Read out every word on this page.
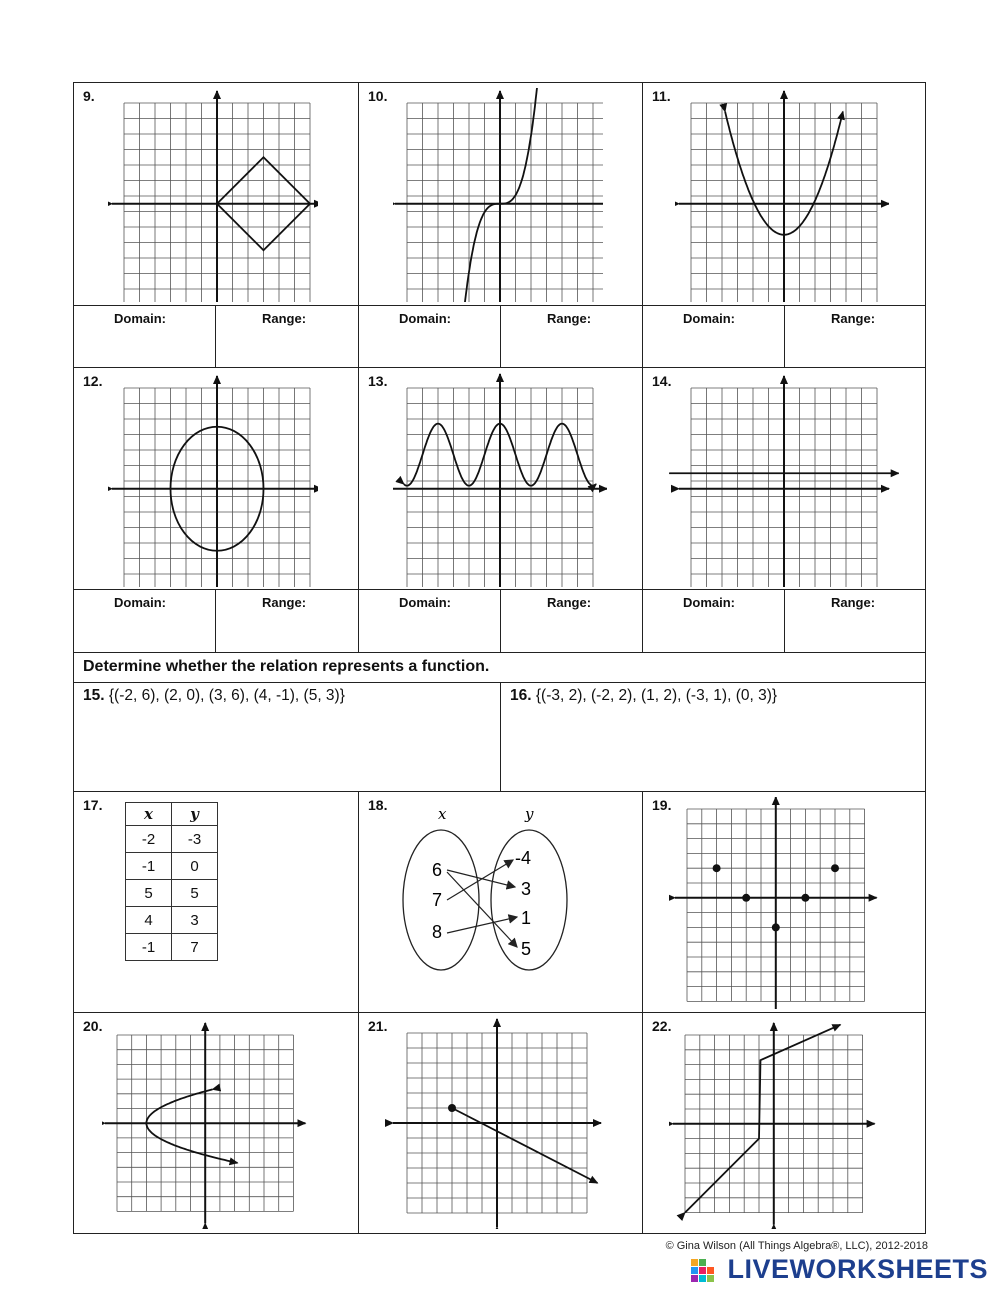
9.	10.	11.
Domain:	Range:	Domain:	Range:	Domain:	Range:
12.	13.	14.
Domain:	Range:	Domain:	Range:	Domain:	Range:
Determine whether the relation represents a function.
15. {(-2, 6), (2, 0), (3, 6), (4, -1), (5, 3)}	16. {(-3, 2), (-2, 2), (1, 2), (-3, 1), (0, 3)}
17.	x	y
-2	-3
-1	0
5	5
4	3
-1	7
18.	x	y
6
7
8
-4
3
1
5
19.
20.	21.	22.
© Gina Wilson (All Things Algebra®, LLC), 2012-2018
LIVEWORKSHEETS
